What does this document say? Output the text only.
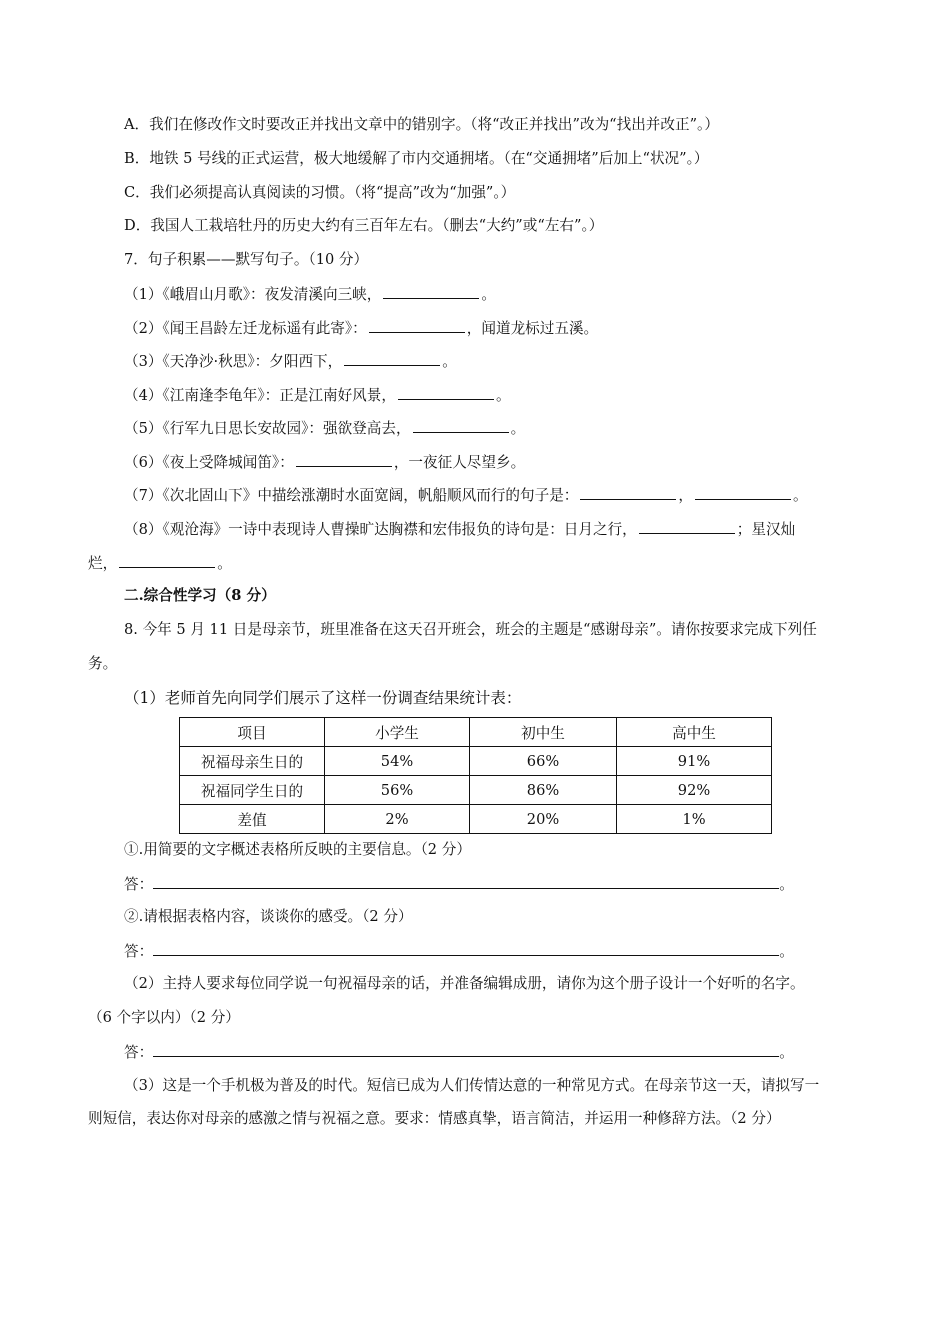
A．我们在修改作文时要改正并找出文章中的错别字。（将“改正并找出”改为“找出并改正”。）
B．地铁 5 号线的正式运营，极大地缓解了市内交通拥堵。（在“交通拥堵”后加上“状况”。）
C．我们必须提高认真阅读的习惯。（将“提高”改为“加强”。）
D．我国人工栽培牡丹的历史大约有三百年左右。（删去“大约”或“左右”。）
7．句子积累——默写句子。（10 分）
（1）《峨眉山月歌》：夜发清溪向三峡，	。
（2）《闻王昌龄左迁龙标遥有此寄》：	，闻道龙标过五溪。
（3）《天净沙·秋思》：夕阳西下，	。
（4）《江南逢李龟年》：正是江南好风景，	。
（5）《行军九日思长安故园》：强欲登高去，	。
（6）《夜上受降城闻笛》：	，一夜征人尽望乡。
（7）《次北固山下》中描绘涨潮时水面宽阔，帆船顺风而行的句子是：	，	。
（8）《观沧海》一诗中表现诗人曹操旷达胸襟和宏伟报负的诗句是：日月之行，	；星汉灿
烂，	。
二.综合性学习（8 分）
8. 今年 5 月 11 日是母亲节，班里准备在这天召开班会，班会的主题是“感谢母亲”。请你按要求完成下列任
务。
（1）老师首先向同学们展示了这样一份调查结果统计表：
项目	小学生	初中生	高中生
祝福母亲生日的	54%	66%	91%
祝福同学生日的	56%	86%	92%
差值	2%	20%	1%
①.用简要的文字概述表格所反映的主要信息。（2 分）
答：	。
②.请根据表格内容，谈谈你的感受。（2 分）
答：	。
（2）主持人要求每位同学说一句祝福母亲的话，并准备编辑成册，请你为这个册子设计一个好听的名字。
（6 个字以内）（2 分）
答：	。
（3）这是一个手机极为普及的时代。短信已成为人们传情达意的一种常见方式。在母亲节这一天，请拟写一
则短信，表达你对母亲的感激之情与祝福之意。要求：情感真挚，语言简洁，并运用一种修辞方法。（2 分）
